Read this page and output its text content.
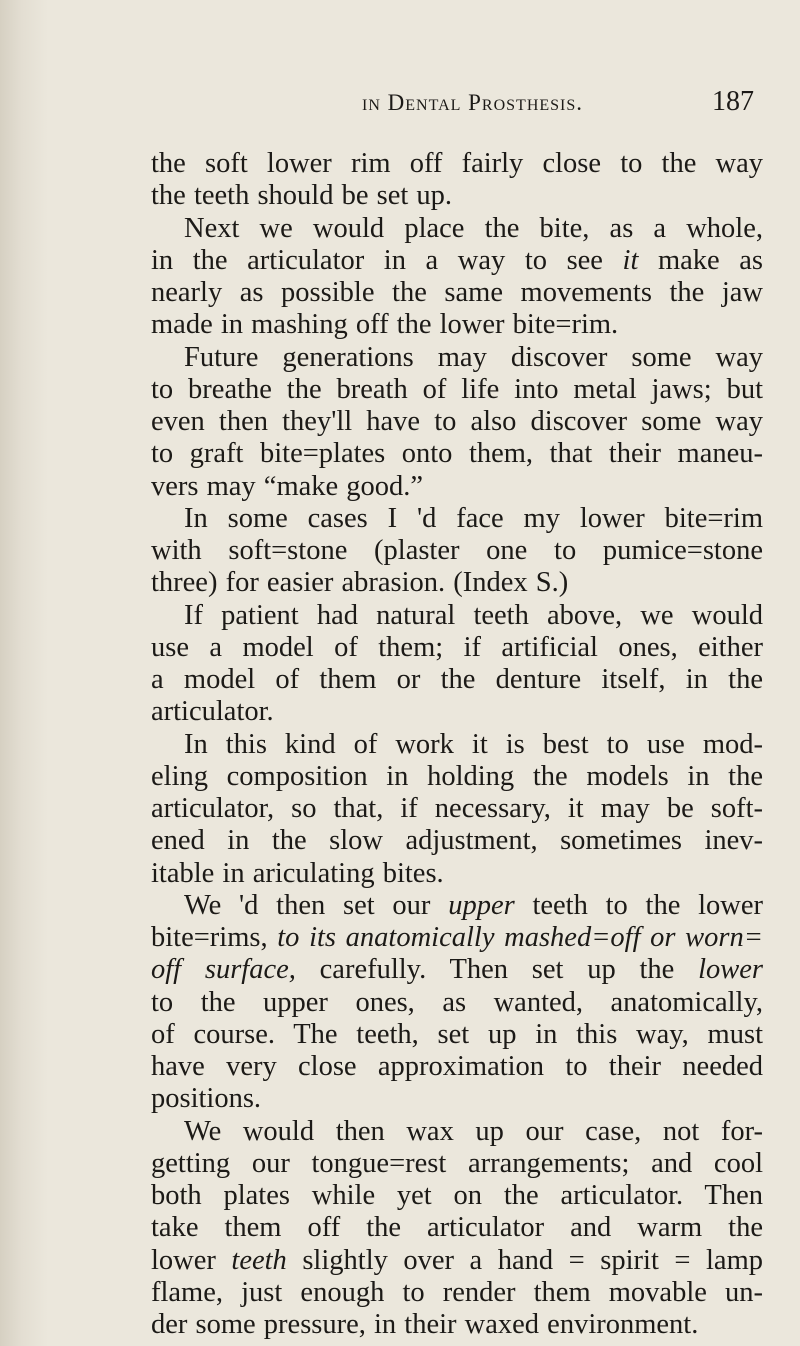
in Dental Prosthesis.	187
the soft lower rim off fairly close to the way
the teeth should be set up.
Next we would place the bite, as a whole,
in the articulator in a way to see it make as
nearly as possible the same movements the jaw
made in mashing off the lower bite=rim.
Future generations may discover some way
to breathe the breath of life into metal jaws; but
even then they'll have to also discover some way
to graft bite=plates onto them, that their maneu-
vers may “make good.”
In some cases I 'd face my lower bite=rim
with soft=stone (plaster one to pumice=stone
three) for easier abrasion. (Index S.)
If patient had natural teeth above, we would
use a model of them; if artificial ones, either
a model of them or the denture itself, in the
articulator.
In this kind of work it is best to use mod-
eling composition in holding the models in the
articulator, so that, if necessary, it may be soft-
ened in the slow adjustment, sometimes inev-
itable in ariculating bites.
We 'd then set our upper teeth to the lower
bite=rims, to its anatomically mashed=off or worn=
off surface, carefully. Then set up the lower
to the upper ones, as wanted, anatomically,
of course. The teeth, set up in this way, must
have very close approximation to their needed
positions.
We would then wax up our case, not for-
getting our tongue=rest arrangements; and cool
both plates while yet on the articulator. Then
take them off the articulator and warm the
lower teeth slightly over a hand = spirit = lamp
flame, just enough to render them movable un-
der some pressure, in their waxed environment.
